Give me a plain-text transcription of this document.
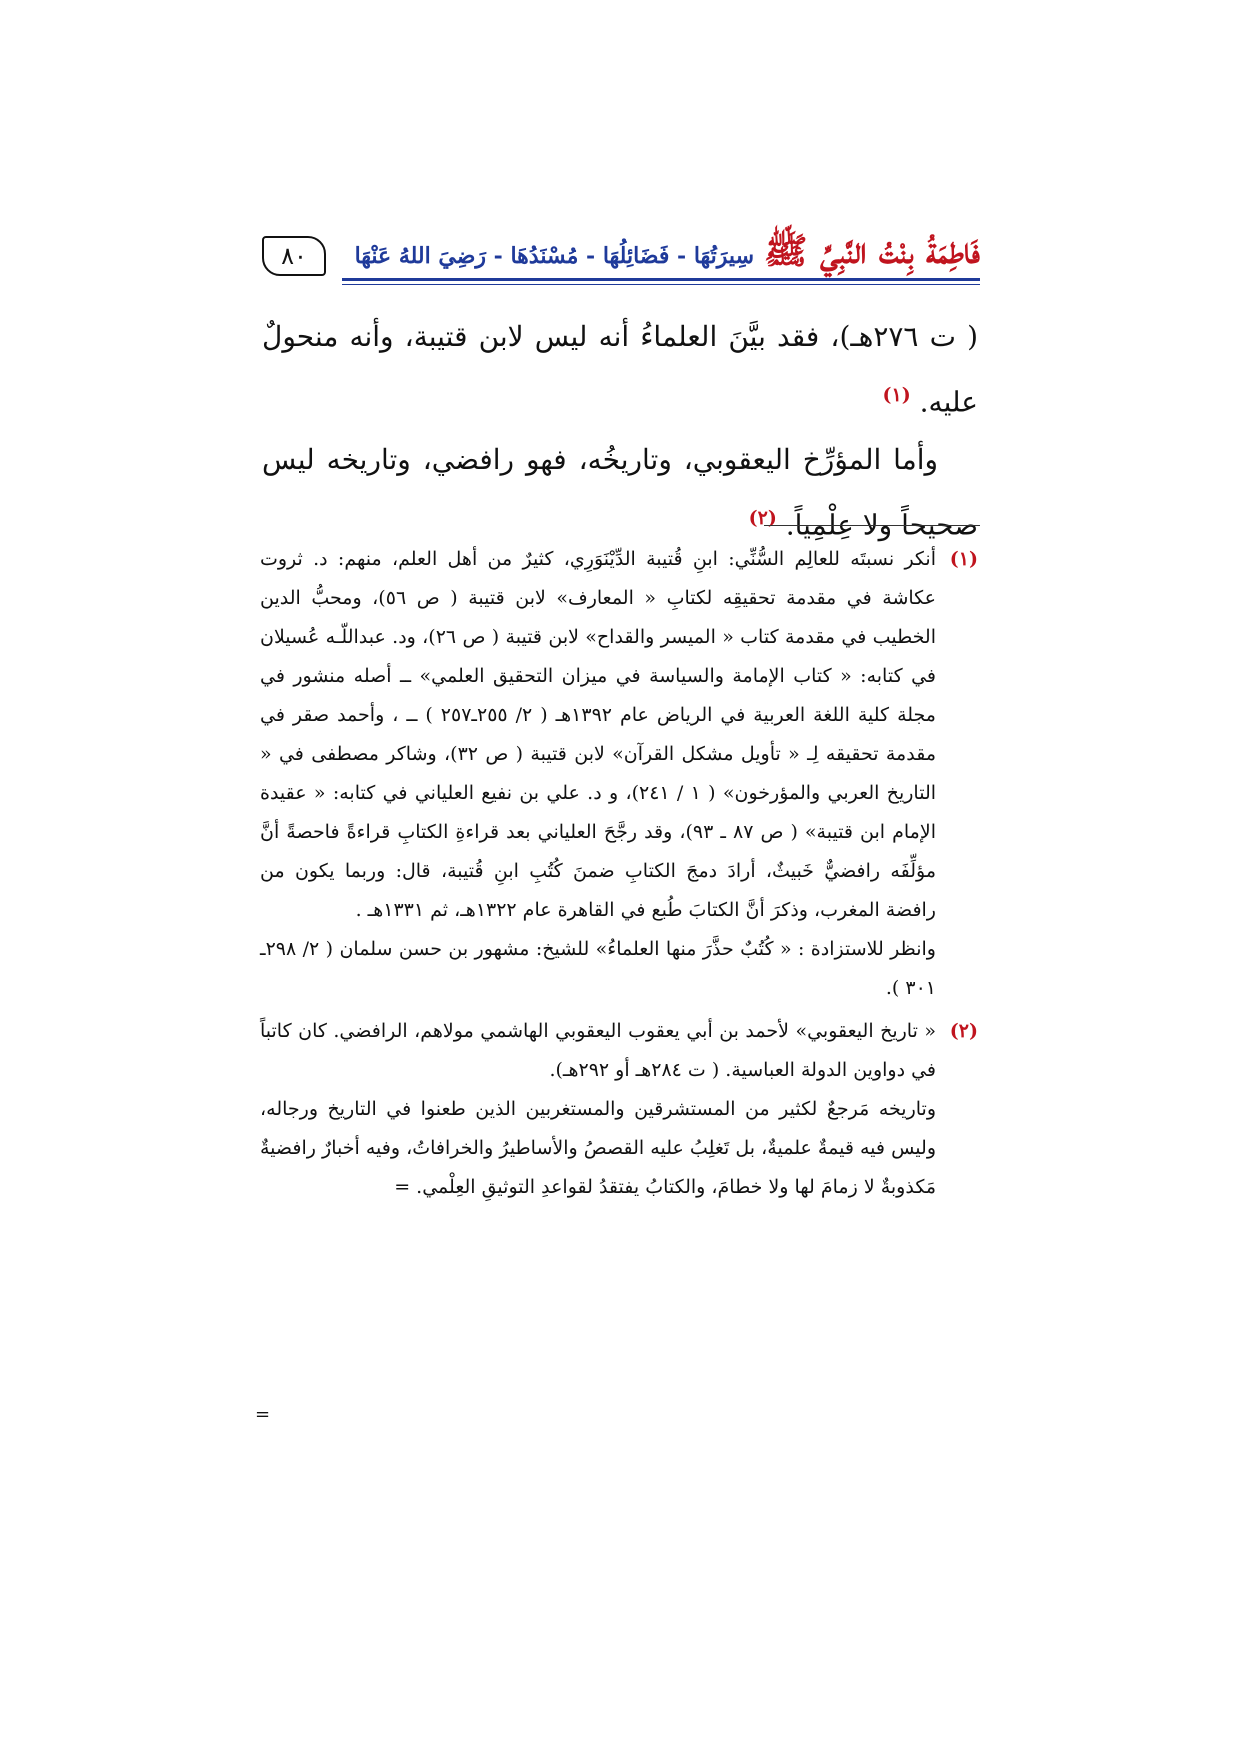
٨٠	فَاطِمَةُ بِنْتُ النَّبِيِّ ﷺ
سِيرَتُهَا - فَضَائِلُهَا - مُسْنَدُهَا - رَضِيَ اللهُ عَنْهَا

( ت ٢٧٦هـ)، فقد بيَّنَ العلماءُ أنه ليس لابن قتيبة، وأنه منحولٌ عليه. $^{(١)}$

وأما المؤرِّخ اليعقوبي، وتاريخُه، فهو رافضي، وتاريخه ليس صحيحاً ولا عِلْمِياً. $^{(٢)}$

(١)

أنكر نسبتَه للعالِم السُّنِّي: ابنِ قُتيبة الدِّيْنَوَرِي، كثيرٌ من أهل العلم، منهم: د. ثروت عكاشة في مقدمة تحقيقِه لكتابِ « المعارف» لابن قتيبة ( ص ٥٦)، ومحبُّ الدين الخطيب في مقدمة كتاب « الميسر والقداح» لابن قتيبة ( ص ٢٦)، ود. عبداللّـه عُسيلان في كتابه: « كتاب الإمامة والسياسة في ميزان التحقيق العلمي» ــ أصله منشور في مجلة كلية اللغة العربية في الرياض عام ١٣٩٢هـ ( ٢/ ٢٥٥ـ٢٥٧ ) ــ ، وأحمد صقر في مقدمة تحقيقه لِـ « تأويل مشكل القرآن» لابن قتيبة ( ص ٣٢)، وشاكر مصطفى في « التاريخ العربي والمؤرخون» ( ١ / ٢٤١)، و د. علي بن نفيع العلياني في كتابه: « عقيدة الإمام ابن قتيبة» ( ص ٨٧ ـ ٩٣)، وقد رجَّحَ العلياني بعد قراءةِ الكتابِ قراءةً فاحصةً أنَّ مؤلِّفَه رافضيٌّ خَبيثٌ، أرادَ دمجَ الكتابِ ضمنَ كُتُبِ ابنِ قُتيبة، قال: وربما يكون من رافضة المغرب، وذكرَ أنَّ الكتابَ طُبع في القاهرة عام ١٣٢٢هـ، ثم ١٣٣١هـ .

وانظر للاستزادة : « كُتُبٌ حذَّرَ منها العلماءُ» للشيخ: مشهور بن حسن سلمان ( ٢/ ٢٩٨ـ ٣٠١ ).

(٢)

« تاريخ اليعقوبي» لأحمد بن أبي يعقوب اليعقوبي الهاشمي مولاهم، الرافضي. كان كاتباً في دواوين الدولة العباسية. ( ت ٢٨٤هـ أو ٢٩٢هـ).

وتاريخه مَرجعٌ لكثير من المستشرقين والمستغربين الذين طعنوا في التاريخ ورجاله، وليس فيه قيمةٌ علميةٌ، بل تَغلِبُ عليه القصصُ والأساطيرُ والخرافاتُ، وفيه أخبارٌ رافضيةٌ مَكذوبةٌ لا زمامَ لها ولا خطامَ، والكتابُ يفتقدُ لقواعدِ التوثيقِ العِلْمي. =

=
